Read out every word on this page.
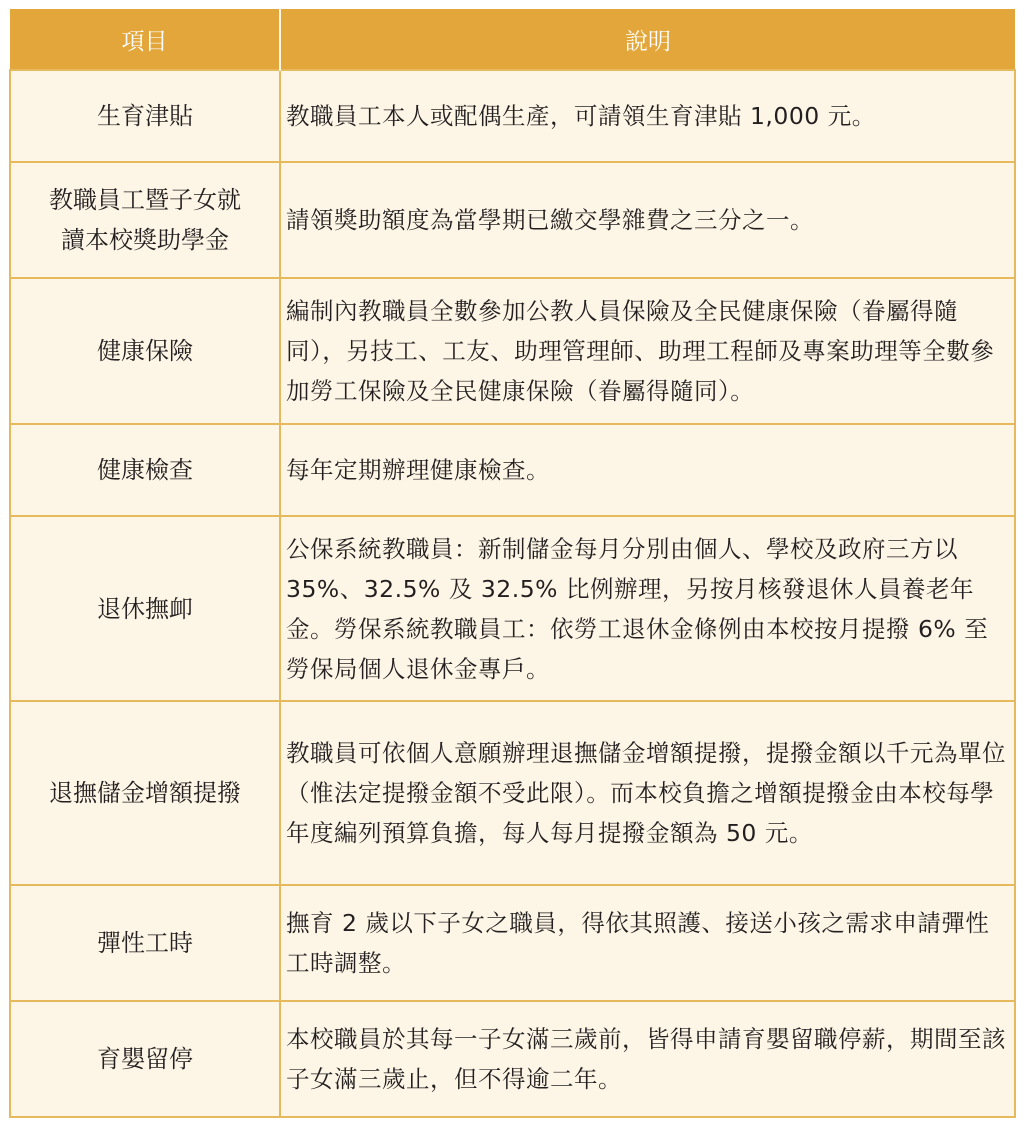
項目	說明
生育津貼	教職員工本人或配偶生產，可請領生育津貼 1,000 元。
教職員工暨子女就讀本校獎助學金	請領獎助額度為當學期已繳交學雜費之三分之一。
健康保險	編制內教職員全數參加公教人員保險及全民健康保險（眷屬得隨同），另技工、工友、助理管理師、助理工程師及專案助理等全數參加勞工保險及全民健康保險（眷屬得隨同）。
健康檢查	每年定期辦理健康檢查。
退休撫卹	公保系統教職員：新制儲金每月分別由個人、學校及政府三方以 35%、32.5% 及 32.5% 比例辦理，另按月核發退休人員養老年金。勞保系統教職員工：依勞工退休金條例由本校按月提撥 6% 至勞保局個人退休金專戶。
退撫儲金增額提撥	教職員可依個人意願辦理退撫儲金增額提撥，提撥金額以千元為單位（惟法定提撥金額不受此限）。而本校負擔之增額提撥金由本校每學年度編列預算負擔，每人每月提撥金額為 50 元。
彈性工時	撫育 2 歲以下子女之職員，得依其照護、接送小孩之需求申請彈性工時調整。
育嬰留停	本校職員於其每一子女滿三歲前，皆得申請育嬰留職停薪，期間至該子女滿三歲止，但不得逾二年。
